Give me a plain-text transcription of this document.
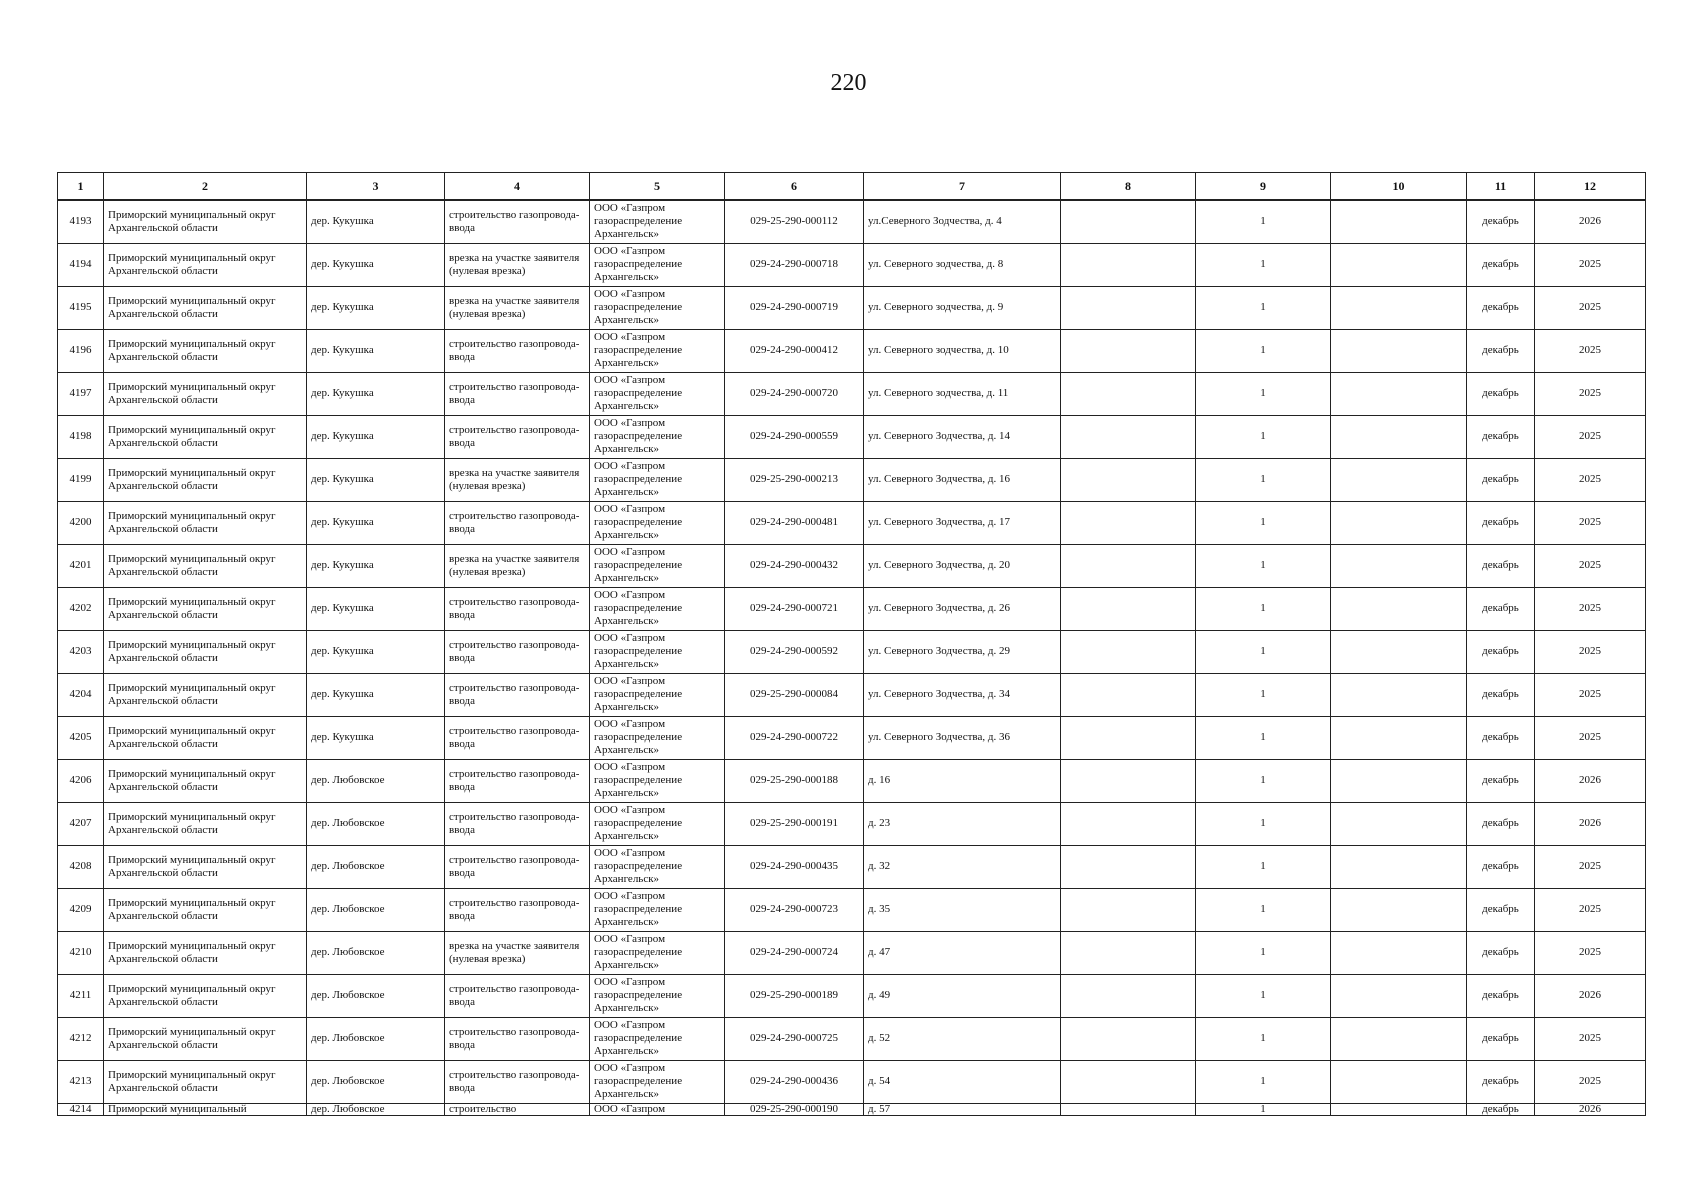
220
1	2	3	4	5	6	7	8	9	10	11	12
4193	Приморский муниципальный округ Архангельской области	дер. Кукушка	строительство газопровода-ввода	ООО «Газпром газораспределение Архангельск»	029-25-290-000112	ул.Северного Зодчества, д. 4		1		декабрь	2026
4194	Приморский муниципальный округ Архангельской области	дер. Кукушка	врезка на участке заявителя (нулевая врезка)	ООО «Газпром газораспределение Архангельск»	029-24-290-000718	ул. Северного зодчества, д. 8		1		декабрь	2025
4195	Приморский муниципальный округ Архангельской области	дер. Кукушка	врезка на участке заявителя (нулевая врезка)	ООО «Газпром газораспределение Архангельск»	029-24-290-000719	ул. Северного зодчества, д. 9		1		декабрь	2025
4196	Приморский муниципальный округ Архангельской области	дер. Кукушка	строительство газопровода-ввода	ООО «Газпром газораспределение Архангельск»	029-24-290-000412	ул. Северного зодчества, д. 10		1		декабрь	2025
4197	Приморский муниципальный округ Архангельской области	дер. Кукушка	строительство газопровода-ввода	ООО «Газпром газораспределение Архангельск»	029-24-290-000720	ул. Северного зодчества, д. 11		1		декабрь	2025
4198	Приморский муниципальный округ Архангельской области	дер. Кукушка	строительство газопровода-ввода	ООО «Газпром газораспределение Архангельск»	029-24-290-000559	ул. Северного Зодчества, д. 14		1		декабрь	2025
4199	Приморский муниципальный округ Архангельской области	дер. Кукушка	врезка на участке заявителя (нулевая врезка)	ООО «Газпром газораспределение Архангельск»	029-25-290-000213	ул. Северного Зодчества, д. 16		1		декабрь	2025
4200	Приморский муниципальный округ Архангельской области	дер. Кукушка	строительство газопровода-ввода	ООО «Газпром газораспределение Архангельск»	029-24-290-000481	ул. Северного Зодчества, д. 17		1		декабрь	2025
4201	Приморский муниципальный округ Архангельской области	дер. Кукушка	врезка на участке заявителя (нулевая врезка)	ООО «Газпром газораспределение Архангельск»	029-24-290-000432	ул. Северного Зодчества, д. 20		1		декабрь	2025
4202	Приморский муниципальный округ Архангельской области	дер. Кукушка	строительство газопровода-ввода	ООО «Газпром газораспределение Архангельск»	029-24-290-000721	ул. Северного Зодчества, д. 26		1		декабрь	2025
4203	Приморский муниципальный округ Архангельской области	дер. Кукушка	строительство газопровода-ввода	ООО «Газпром газораспределение Архангельск»	029-24-290-000592	ул. Северного Зодчества, д. 29		1		декабрь	2025
4204	Приморский муниципальный округ Архангельской области	дер. Кукушка	строительство газопровода-ввода	ООО «Газпром газораспределение Архангельск»	029-25-290-000084	ул. Северного Зодчества, д. 34		1		декабрь	2025
4205	Приморский муниципальный округ Архангельской области	дер. Кукушка	строительство газопровода-ввода	ООО «Газпром газораспределение Архангельск»	029-24-290-000722	ул. Северного Зодчества, д. 36		1		декабрь	2025
4206	Приморский муниципальный округ Архангельской области	дер. Любовское	строительство газопровода-ввода	ООО «Газпром газораспределение Архангельск»	029-25-290-000188	д. 16		1		декабрь	2026
4207	Приморский муниципальный округ Архангельской области	дер. Любовское	строительство газопровода-ввода	ООО «Газпром газораспределение Архангельск»	029-25-290-000191	д. 23		1		декабрь	2026
4208	Приморский муниципальный округ Архангельской области	дер. Любовское	строительство газопровода-ввода	ООО «Газпром газораспределение Архангельск»	029-24-290-000435	д. 32		1		декабрь	2025
4209	Приморский муниципальный округ Архангельской области	дер. Любовское	строительство газопровода-ввода	ООО «Газпром газораспределение Архангельск»	029-24-290-000723	д. 35		1		декабрь	2025
4210	Приморский муниципальный округ Архангельской области	дер. Любовское	врезка на участке заявителя (нулевая врезка)	ООО «Газпром газораспределение Архангельск»	029-24-290-000724	д. 47		1		декабрь	2025
4211	Приморский муниципальный округ Архангельской области	дер. Любовское	строительство газопровода-ввода	ООО «Газпром газораспределение Архангельск»	029-25-290-000189	д. 49		1		декабрь	2026
4212	Приморский муниципальный округ Архангельской области	дер. Любовское	строительство газопровода-ввода	ООО «Газпром газораспределение Архангельск»	029-24-290-000725	д. 52		1		декабрь	2025
4213	Приморский муниципальный округ Архангельской области	дер. Любовское	строительство газопровода-ввода	ООО «Газпром газораспределение Архангельск»	029-24-290-000436	д. 54		1		декабрь	2025
4214	Приморский муниципальный	дер. Любовское	строительство	ООО «Газпром	029-25-290-000190	д. 57		1		декабрь	2026
